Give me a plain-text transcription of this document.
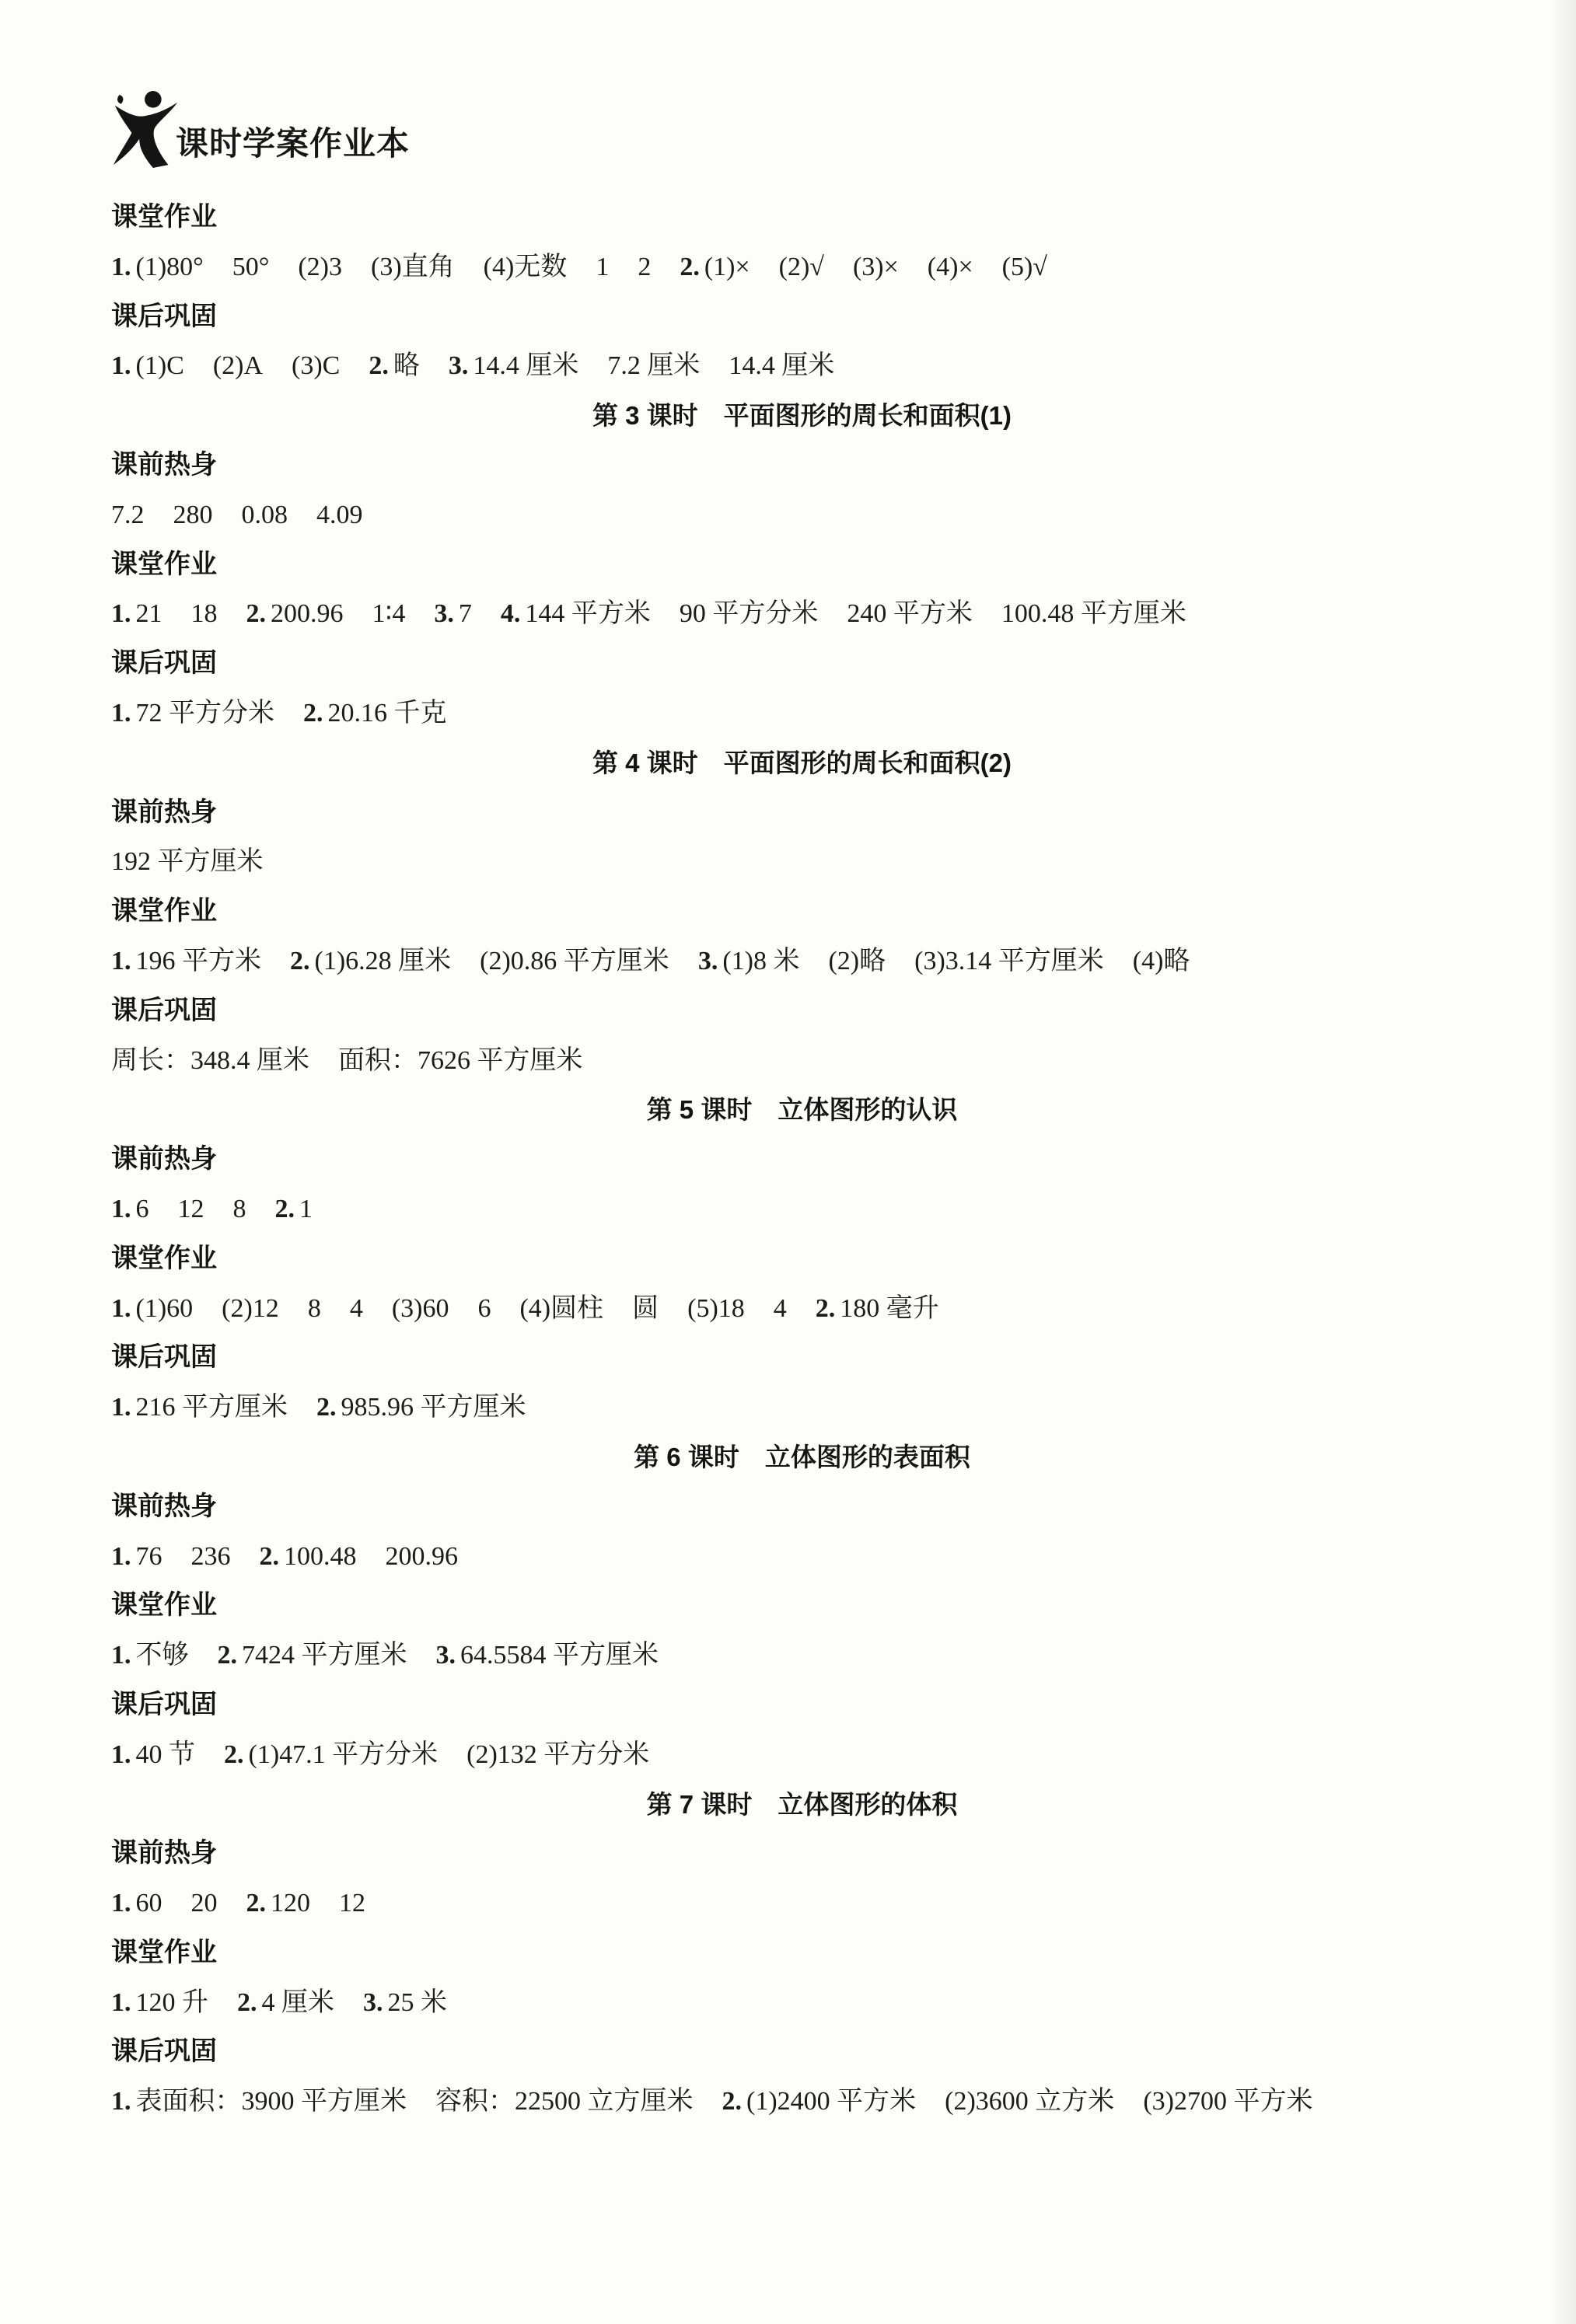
课时学案作业本
课堂作业
1. (1)80° 50° (2)3 (3)直角 (4)无数 1 2 2. (1)× (2)√ (3)× (4)× (5)√
课后巩固
1. (1)C (2)A (3)C 2. 略 3. 14.4 厘米 7.2 厘米 14.4 厘米
第 3 课时 平面图形的周长和面积(1)
课前热身
7.2 280 0.08 4.09
课堂作业
1. 21 18 2. 200.96 1∶4 3. 7 4. 144 平方米 90 平方分米 240 平方米 100.48 平方厘米
课后巩固
1. 72 平方分米 2. 20.16 千克
第 4 课时 平面图形的周长和面积(2)
课前热身
192 平方厘米
课堂作业
1. 196 平方米 2. (1)6.28 厘米 (2)0.86 平方厘米 3. (1)8 米 (2)略 (3)3.14 平方厘米 (4)略
课后巩固
周长：348.4 厘米 面积：7626 平方厘米
第 5 课时 立体图形的认识
课前热身
1. 6 12 8 2. 1
课堂作业
1. (1)60 (2)12 8 4 (3)60 6 (4)圆柱 圆 (5)18 4 2. 180 毫升
课后巩固
1. 216 平方厘米 2. 985.96 平方厘米
第 6 课时 立体图形的表面积
课前热身
1. 76 236 2. 100.48 200.96
课堂作业
1. 不够 2. 7424 平方厘米 3. 64.5584 平方厘米
课后巩固
1. 40 节 2. (1)47.1 平方分米 (2)132 平方分米
第 7 课时 立体图形的体积
课前热身
1. 60 20 2. 120 12
课堂作业
1. 120 升 2. 4 厘米 3. 25 米
课后巩固
1. 表面积：3900 平方厘米 容积：22500 立方厘米 2. (1)2400 平方米 (2)3600 立方米 (3)2700 平方米
